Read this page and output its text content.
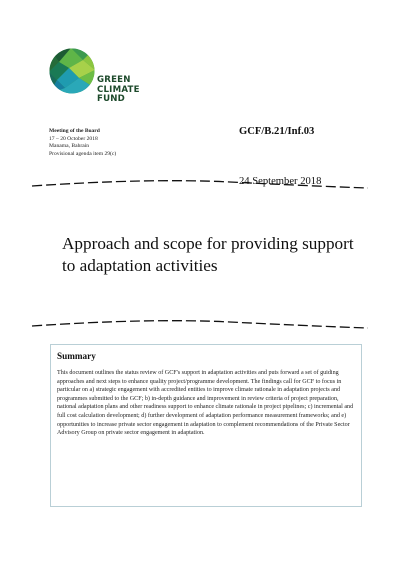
GREEN
CLIMATE
FUND
Meeting of the Board
17 – 20 October 2018
Manama, Bahrain
Provisional agenda item 29(c)
GCF/B.21/Inf.03
24 September 2018
Approach and scope for providing support to adaptation activities
Summary

This document outlines the status review of GCF's support in adaptation activities and puts forward a set of guiding approaches and next steps to enhance quality project/programme development. The findings call for GCF to focus in particular on a) strategic engagement with accredited entities to improve climate rationale in adaptation projects and programmes submitted to the GCF; b) in-depth guidance and improvement in review criteria of project preparation, national adaptation plans and other readiness support to enhance climate rationale in project pipelines; c) incremental and full cost calculation development; d) further development of adaptation performance measurement frameworks; and e) opportunities to increase private sector engagement in adaptation to complement recommendations of the Private Sector Advisory Group on private sector engagement in adaptation.
